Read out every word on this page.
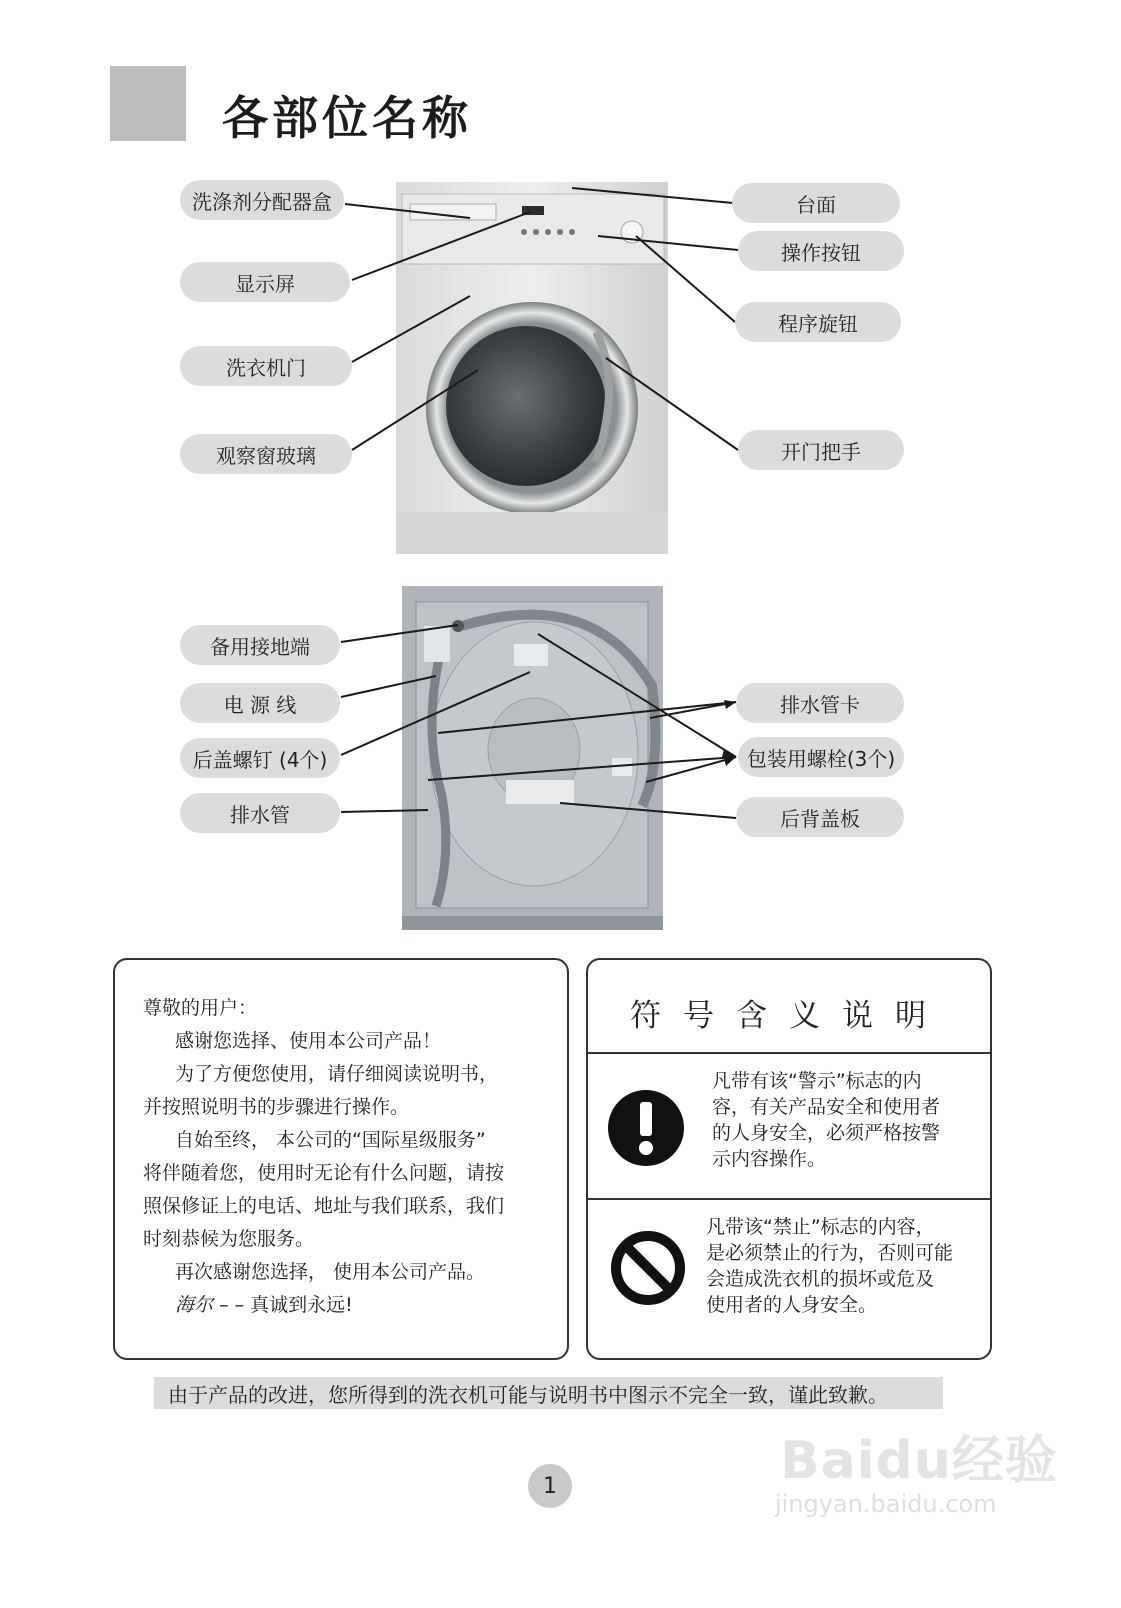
各部位名称
洗涤剂分配器盒
显示屏
洗衣机门
观察窗玻璃
台面
操作按钮
程序旋钮
开门把手
备用接地端
电 源 线
后盖螺钉 (4个)
排水管
排水管卡
包装用螺栓(3个)
后背盖板

尊敬的用户：

感谢您选择、使用本公司产品！

为了方便您使用，请仔细阅读说明书，

并按照说明书的步骤进行操作。

自始至终， 本公司的“国际星级服务”

将伴随着您，使用时无论有什么问题，请按

照保修证上的电话、地址与我们联系，我们

时刻恭候为您服务。

再次感谢您选择， 使用本公司产品。

海尔 – – 真诚到永远!

符号含义说明
凡带有该“警示”标志的内
容，有关产品安全和使用者
的人身安全，必须严格按警
示内容操作。
凡带该“禁止”标志的内容，
是必须禁止的行为，否则可能
会造成洗衣机的损坏或危及
使用者的人身安全。
由于产品的改进，您所得到的洗衣机可能与说明书中图示不完全一致，谨此致歉。
Baidu经验
jingyan.baidu.com
1
